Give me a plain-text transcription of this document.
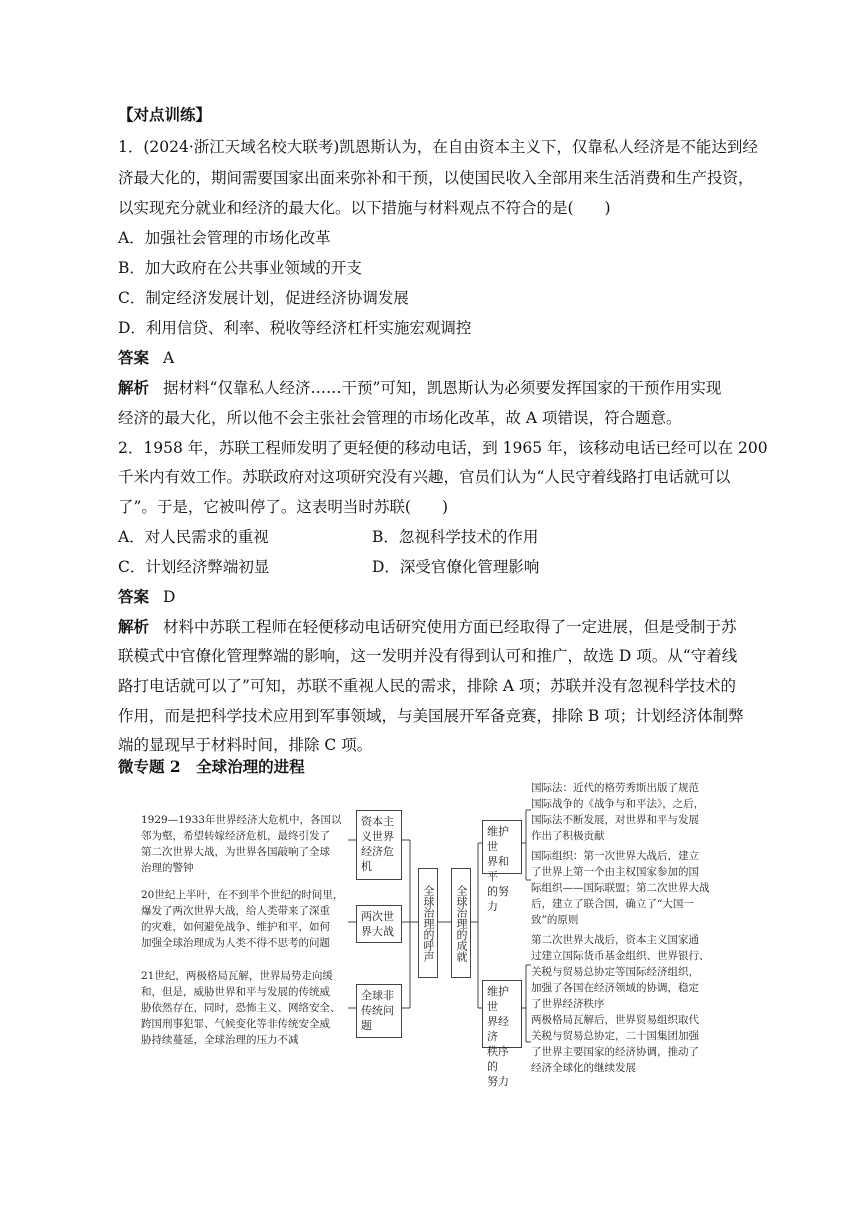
【对点训练】
1．(2024·浙江天域名校大联考)凯恩斯认为，在自由资本主义下，仅靠私人经济是不能达到经
济最大化的，期间需要国家出面来弥补和干预，以使国民收入全部用来生活消费和生产投资，
以实现充分就业和经济的最大化。以下措施与材料观点不符合的是(　　)
A．加强社会管理的市场化改革
B．加大政府在公共事业领域的开支
C．制定经济发展计划，促进经济协调发展
D．利用信贷、利率、税收等经济杠杆实施宏观调控
答案 A
解析 据材料“仅靠私人经济……干预”可知，凯恩斯认为必须要发挥国家的干预作用实现
经济的最大化，所以他不会主张社会管理的市场化改革，故 A 项错误，符合题意。
2．1958 年，苏联工程师发明了更轻便的移动电话，到 1965 年，该移动电话已经可以在 200
千米内有效工作。苏联政府对这项研究没有兴趣，官员们认为“人民守着线路打电话就可以
了”。于是，它被叫停了。这表明当时苏联(　　)
A．对人民需求的重视	B．忽视科学技术的作用
C．计划经济弊端初显	D．深受官僚化管理影响
答案 D
解析 材料中苏联工程师在轻便移动电话研究使用方面已经取得了一定进展，但是受制于苏
联模式中官僚化管理弊端的影响，这一发明并没有得到认可和推广，故选 D 项。从“守着线
路打电话就可以了”可知，苏联不重视人民的需求，排除 A 项；苏联并没有忽视科学技术的
作用，而是把科学技术应用到军事领域，与美国展开军备竞赛，排除 B 项；计划经济体制弊
端的显现早于材料时间，排除 C 项。
微专题 2　全球治理的进程
1929—1933年世界经济大危机中，各国以
邻为壑，希望转嫁经济危机，最终引发了
第二次世界大战，为世界各国敲响了全球
治理的警钟
20世纪上半叶，在不到半个世纪的时间里，
爆发了两次世界大战，给人类带来了深重
的灾难，如何避免战争、维护和平，如何
加强全球治理成为人类不得不思考的问题
21世纪，两极格局瓦解，世界局势走向缓
和，但是，威胁世界和平与发展的传统威
胁依然存在，同时，恐怖主义、网络安全、
跨国刑事犯罪、气候变化等非传统安全威
胁持续蔓延，全球治理的压力不减
资本主
义世界
经济危
机
两次世
界大战
全球非
传统问
题
全球治理的呼声	全球治理的成就
维护世
界和平
的努力
维护世
界经济
秩序的
努力
国际法：近代的格劳秀斯出版了规范
国际战争的《战争与和平法》，之后，
国际法不断发展，对世界和平与发展
作出了积极贡献
国际组织：第一次世界大战后，建立
了世界上第一个由主权国家参加的国
际组织——国际联盟；第二次世界大战
后，建立了联合国，确立了“大国一
致”的原则
第二次世界大战后，资本主义国家通
过建立国际货币基金组织、世界银行、
关税与贸易总协定等国际经济组织，
加强了各国在经济领域的协调，稳定
了世界经济秩序
两极格局瓦解后，世界贸易组织取代
关税与贸易总协定，二十国集团加强
了世界主要国家的经济协调，推动了
经济全球化的继续发展
